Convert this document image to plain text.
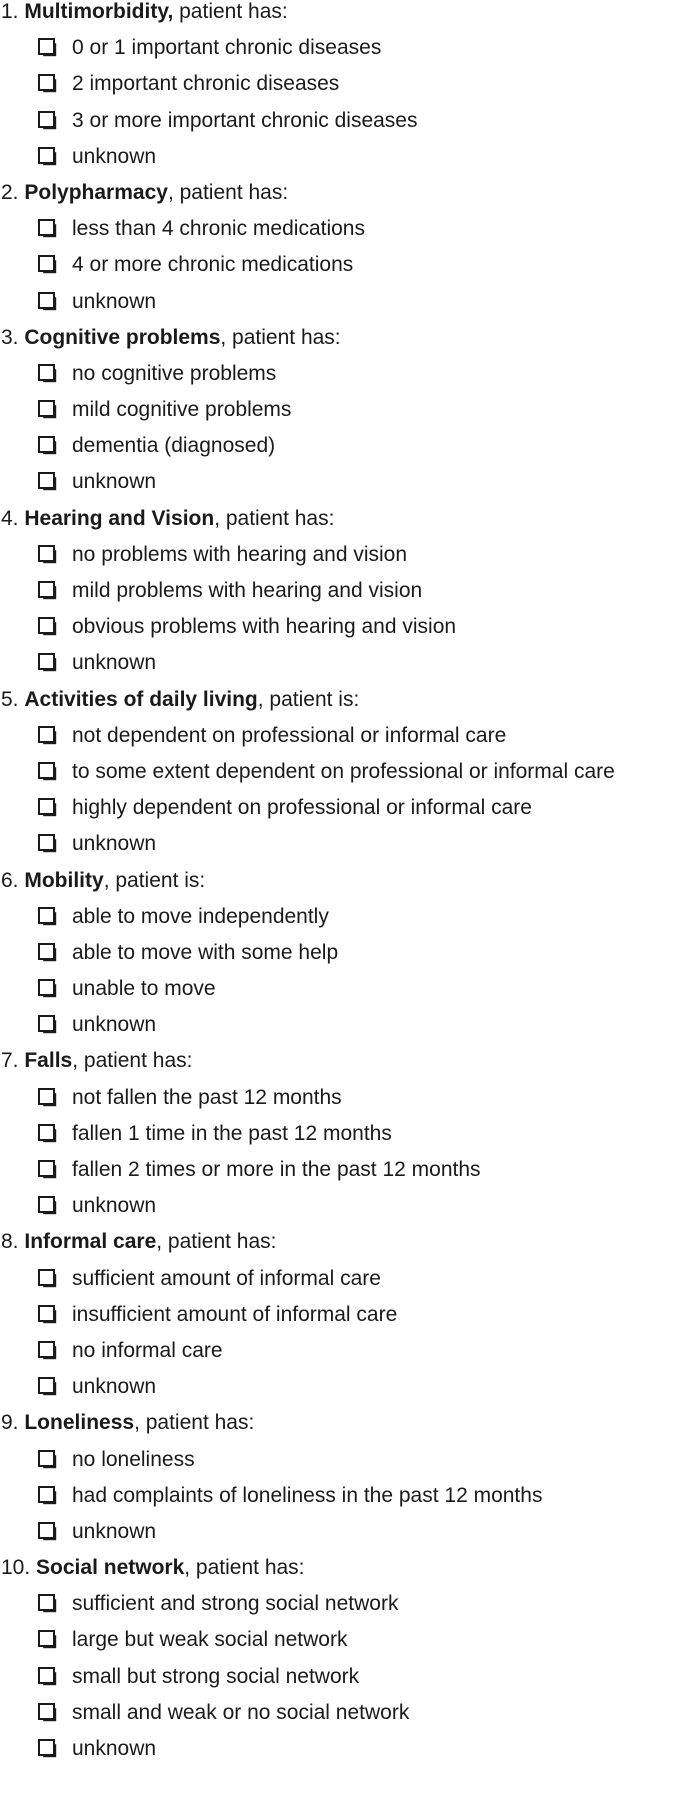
1. Multimorbidity, patient has:
0 or 1 important chronic diseases
2 important chronic diseases
3 or more important chronic diseases
unknown
2. Polypharmacy, patient has:
less than 4 chronic medications
4 or more chronic medications
unknown
3. Cognitive problems, patient has:
no cognitive problems
mild cognitive problems
dementia (diagnosed)
unknown
4. Hearing and Vision, patient has:
no problems with hearing and vision
mild problems with hearing and vision
obvious problems with hearing and vision
unknown
5. Activities of daily living, patient is:
not dependent on professional or informal care
to some extent dependent on professional or informal care
highly dependent on professional or informal care
unknown
6. Mobility, patient is:
able to move independently
able to move with some help
unable to move
unknown
7. Falls, patient has:
not fallen the past 12 months
fallen 1 time in the past 12 months
fallen 2 times or more in the past 12 months
unknown
8. Informal care, patient has:
sufficient amount of informal care
insufficient amount of informal care
no informal care
unknown
9. Loneliness, patient has:
no loneliness
had complaints of loneliness in the past 12 months
unknown
10. Social network, patient has:
sufficient and strong social network
large but weak social network
small but strong social network
small and weak or no social network
unknown
